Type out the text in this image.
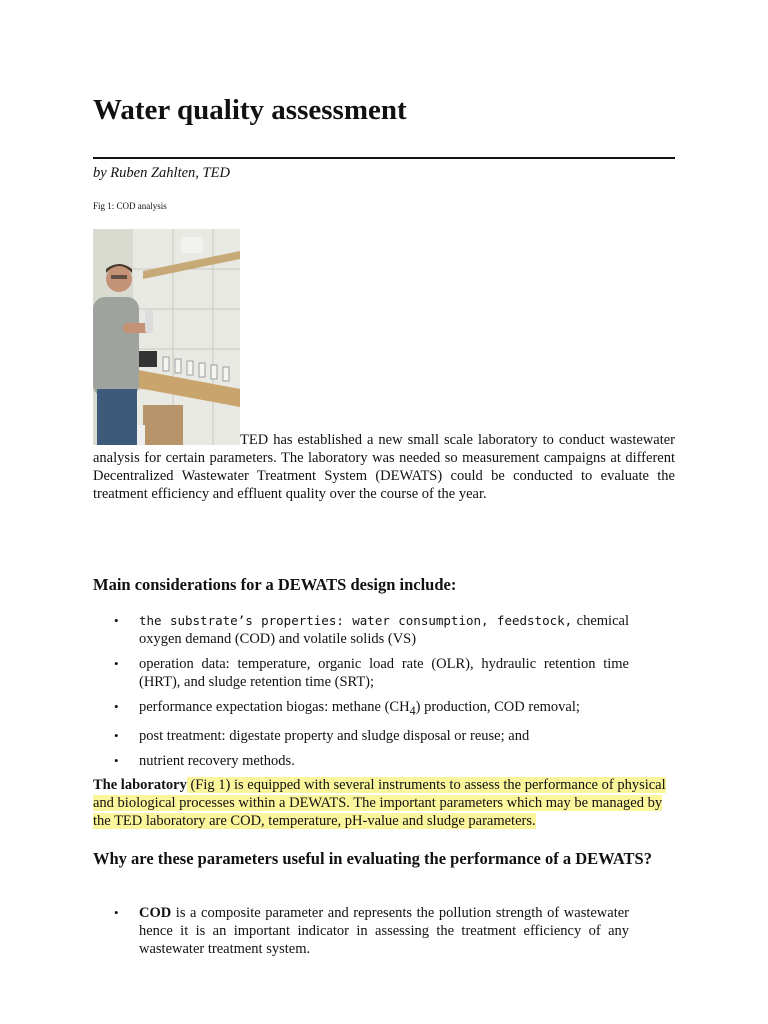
Water quality assessment

by Ruben Zahlten, TED

Fig 1: COD analysis

TED has established a new small scale laboratory to conduct wastewater analysis for certain parameters. The laboratory was needed so measurement campaigns at different Decentralized Wastewater Treatment System (DEWATS) could be conducted to evaluate the treatment efficiency and effluent quality over the course of the year.

Main considerations for a DEWATS design include:
• the substrate’s properties: water consumption, feedstock, chemical oxygen demand (COD) and volatile solids (VS)
• operation data: temperature, organic load rate (OLR), hydraulic retention time (HRT), and sludge retention time (SRT);
• performance expectation biogas: methane $(CH_4)$ production, COD removal;
• post treatment: digestate property and sludge disposal or reuse; and
• nutrient recovery methods.

The laboratory (Fig 1) is equipped with several instruments to assess the performance of physical and biological processes within a DEWATS. The important parameters which may be managed by the TED laboratory are COD, temperature, pH-value and sludge parameters.

Why are these parameters useful in evaluating the performance of a DEWATS?
• COD is a composite parameter and represents the pollution strength of wastewater hence it is an important indicator in assessing the treatment efficiency of any wastewater treatment system.
